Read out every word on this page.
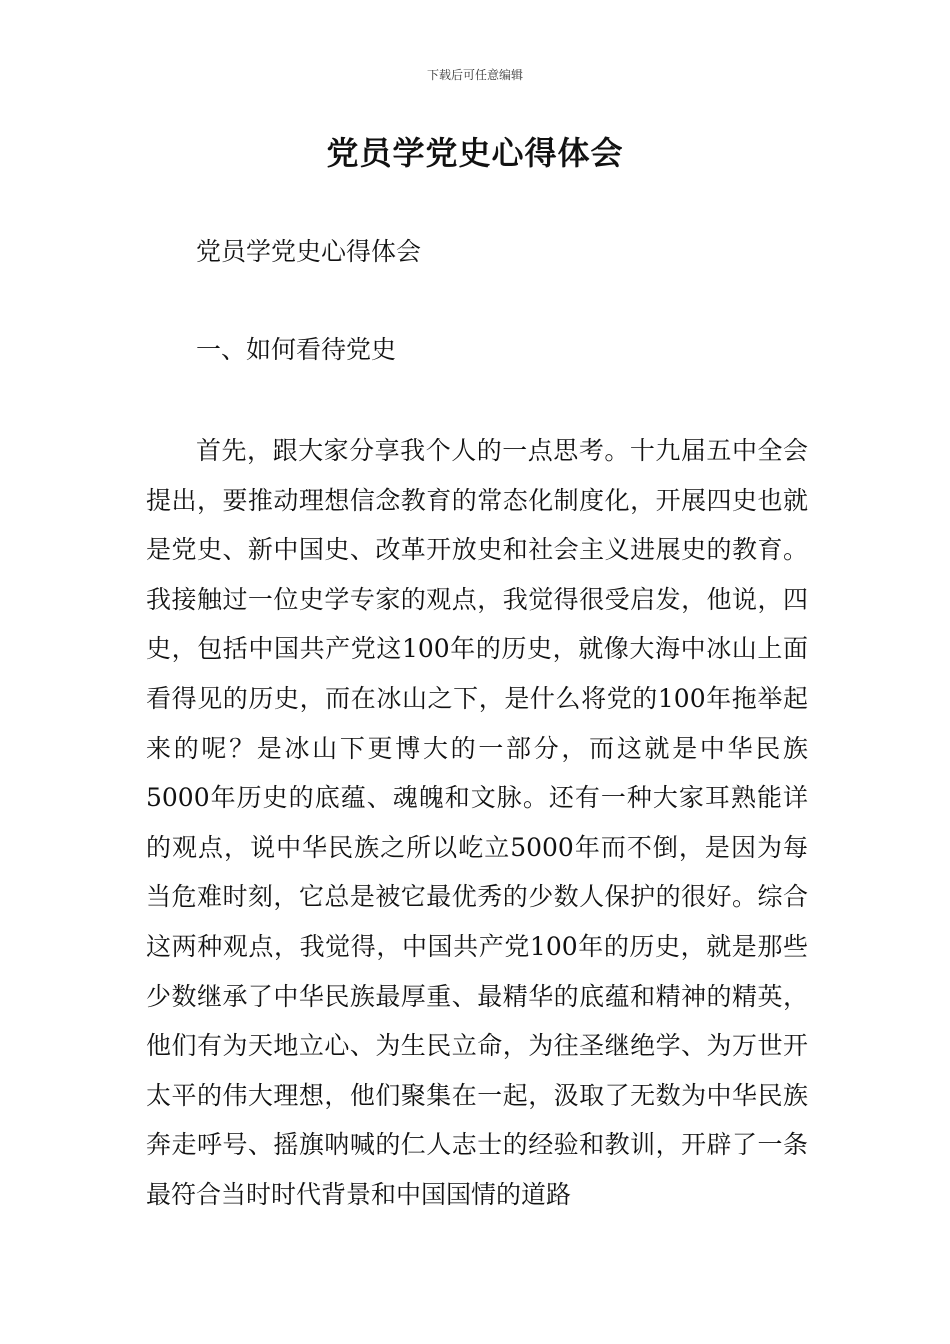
下载后可任意编辑
党员学党史心得体会

党员学党史心得体会

一、如何看待党史

首先，跟大家分享我个人的一点思考。十九届五中全会提出，要推动理想信念教育的常态化制度化，开展四史也就是党史、新中国史、改革开放史和社会主义进展史的教育。我接触过一位史学专家的观点，我觉得很受启发，他说，四史，包括中国共产党这100年的历史，就像大海中冰山上面看得见的历史，而在冰山之下，是什么将党的100年拖举起来的呢？是冰山下更博大的一部分，而这就是中华民族5000年历史的底蕴、魂魄和文脉。还有一种大家耳熟能详的观点，说中华民族之所以屹立5000年而不倒，是因为每当危难时刻，它总是被它最优秀的少数人保护的很好。综合这两种观点，我觉得，中国共产党100年的历史，就是那些少数继承了中华民族最厚重、最精华的底蕴和精神的精英，他们有为天地立心、为生民立命，为往圣继绝学、为万世开太平的伟大理想，他们聚集在一起，汲取了无数为中华民族奔走呼号、摇旗呐喊的仁人志士的经验和教训，开辟了一条最符合当时时代背景和中国国情的道路
